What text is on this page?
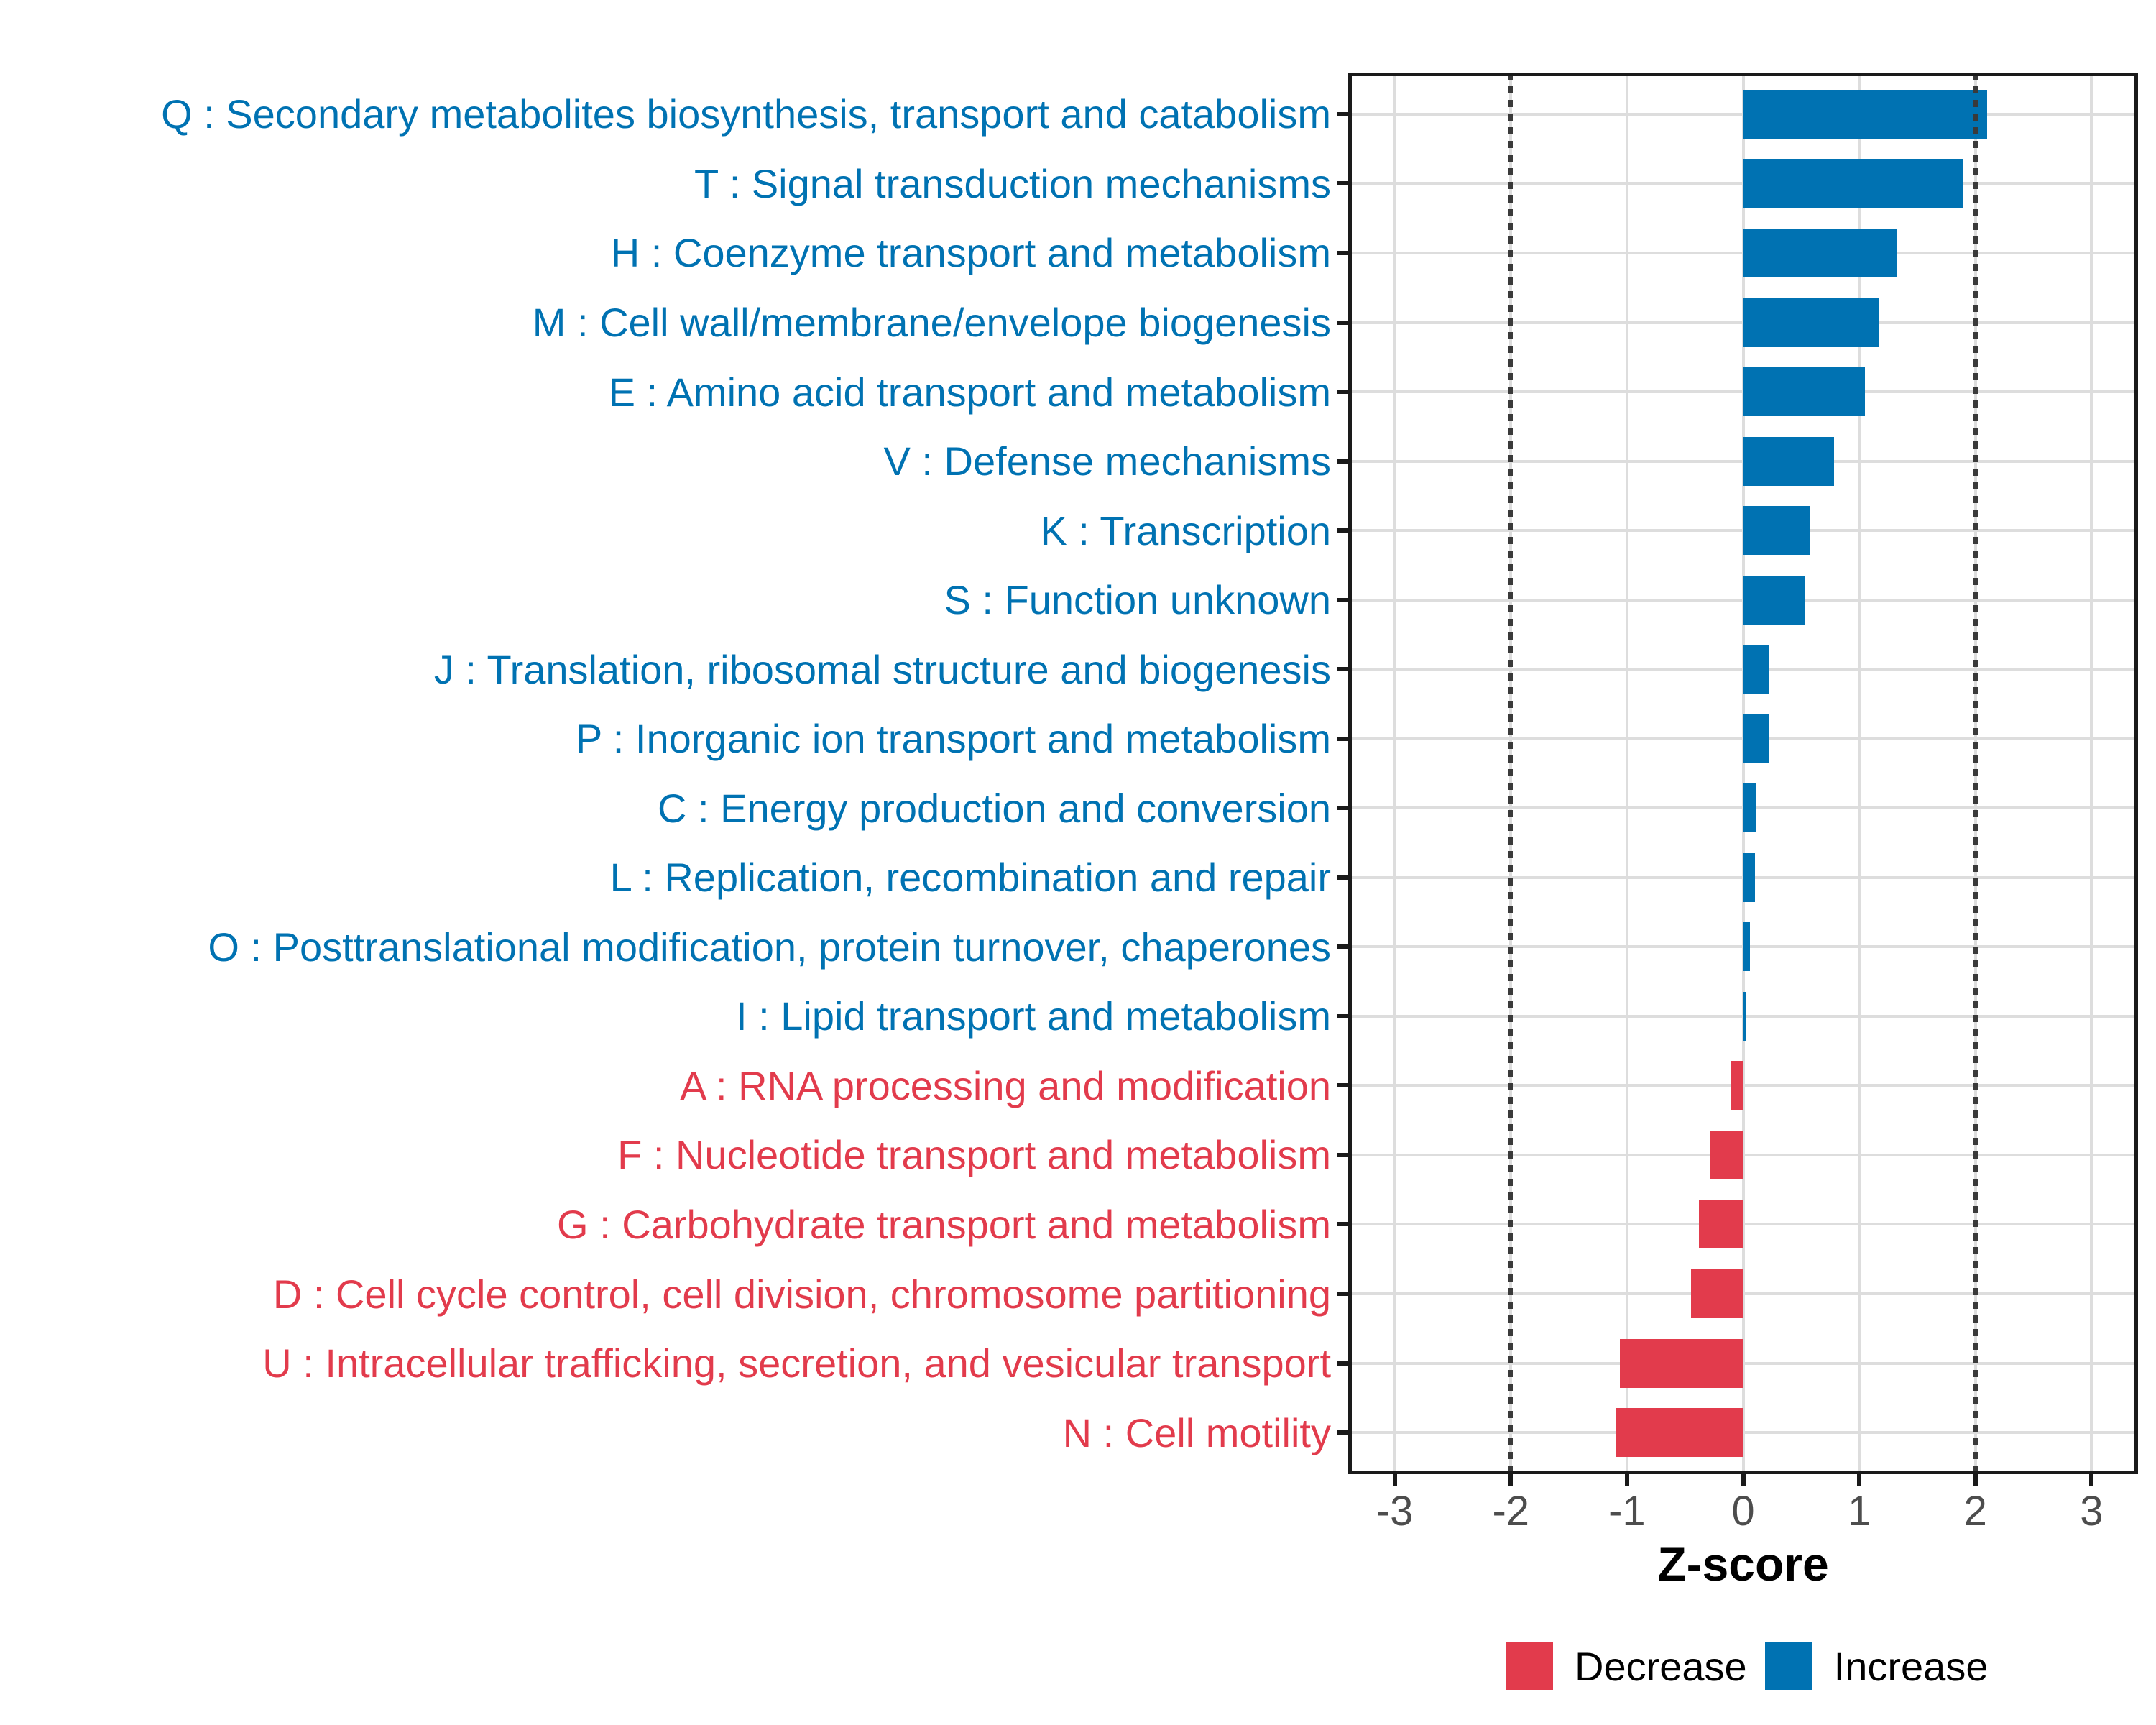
Q : Secondary metabolites biosynthesis, transport and catabolism
T : Signal transduction mechanisms
H : Coenzyme transport and metabolism
M : Cell wall/membrane/envelope biogenesis
E : Amino acid transport and metabolism
V : Defense mechanisms
K : Transcription
S : Function unknown
J : Translation, ribosomal structure and biogenesis
P : Inorganic ion transport and metabolism
C : Energy production and conversion
L : Replication, recombination and repair
O : Posttranslational modification, protein turnover, chaperones
I : Lipid transport and metabolism
A : RNA processing and modification
F : Nucleotide transport and metabolism
G : Carbohydrate transport and metabolism
D : Cell cycle control, cell division, chromosome partitioning
U : Intracellular trafficking, secretion, and vesicular transport
N : Cell motility
-3	-2	-1	0	1	2	3
Z-score
Decrease Increase
